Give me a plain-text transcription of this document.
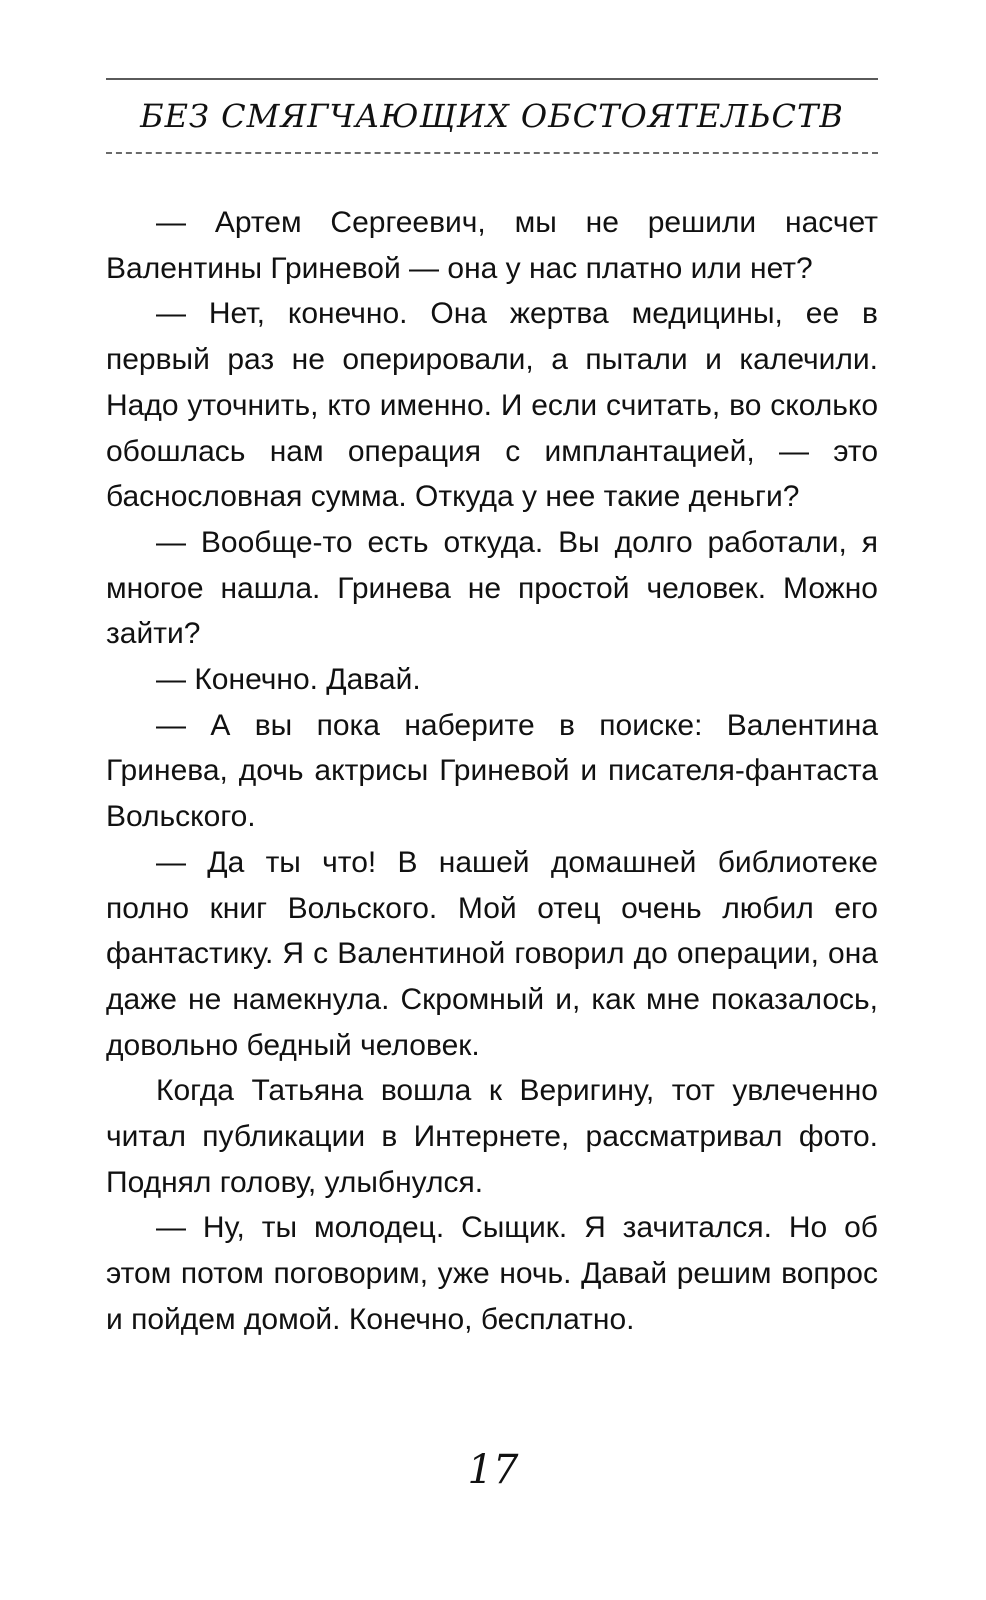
БЕЗ СМЯГЧАЮЩИХ ОБСТОЯТЕЛЬСТВ

— Артем Сергеевич, мы не решили насчет Валентины Гриневой — она у нас платно или нет?

— Нет, конечно. Она жертва медицины, ее в первый раз не оперировали, а пытали и калечили. Надо уточнить, кто именно. И если считать, во сколько обошлась нам операция с имплантацией, — это баснословная сумма. Откуда у нее такие деньги?

— Вообще-то есть откуда. Вы долго работали, я многое нашла. Гринева не простой человек. Можно зайти?

— Конечно. Давай.

— А вы пока наберите в поиске: Валентина Гринева, дочь актрисы Гриневой и писателя-фантаста Вольского.

— Да ты что! В нашей домашней библиотеке полно книг Вольского. Мой отец очень любил его фантастику. Я с Валентиной говорил до операции, она даже не намекнула. Скромный и, как мне показалось, довольно бедный человек.

Когда Татьяна вошла к Веригину, тот увлеченно читал публикации в Интернете, рассматривал фото. Поднял голову, улыбнулся.

— Ну, ты молодец. Сыщик. Я зачитался. Но об этом потом поговорим, уже ночь. Давай решим вопрос и пойдем домой. Конечно, бесплатно.

17
